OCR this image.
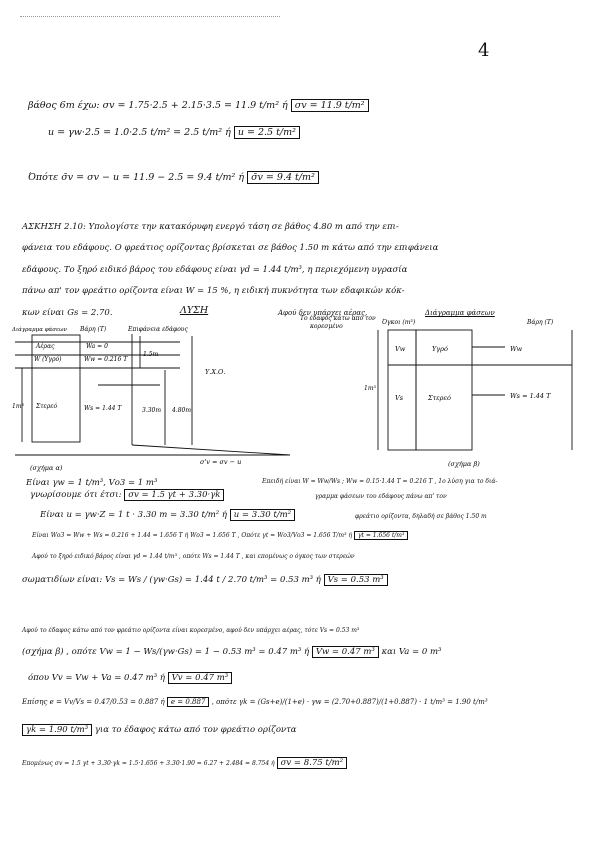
4
βάθος 6m έχω: σv = 1.75·2.5 + 2.15·3.5 = 11.9 t/m² ή σv = 11.9 t/m²
u = γw·2.5 = 1.0·2.5 t/m² = 2.5 t/m² ή u = 2.5 t/m²
Όπότε σ̄v = σv − u = 11.9 − 2.5 = 9.4 t/m² ή σ̄v = 9.4 t/m²
ΑΣΚΗΣΗ 2.10: Υπολογίστε την κατακόρυφη ενεργό τάση σε βάθος 4.80 m από την επι-
φάνεια του εδάφους. Ο φρεάτιος ορίζοντας βρίσκεται σε βάθος 1.50 m κάτω από την επιφάνεια
εδάφους. Το ξηρό ειδικό βάρος του εδάφους είναι γd = 1.44 t/m³, η περιεχόμενη υγρασία
πάνω απ' τον φρεάτιο ορίζοντα είναι W = 15 %, η ειδική πυκνότητα των εδαφικών κόκ-
κων είναι Gs = 2.70.	ΛΥΣΗ	Αφού δεν υπάρχει αέρας,	Διάγραμμα φάσεων
Διάγραμμα φάσεων Βάρη (T)	Επιφάνεια εδάφους
Αέρας
W (Υγρό)
Στερεό
Wa = 0
Ww = 0.216 T
Ws = 1.44 T
1m³
1.5m
3.30m 4.80m
Υ.Χ.Ο.
σ'v = σv − u
(σχήμα α)
Το έδαφος κάτω από τον
κορεσμένο
Όγκοι (m³)	Βάρη (T)
Vw
Vs
Υγρό
Στερεό
Ww
Ws = 1.44 T
1m³
(σχήμα β)
Είναι γw = 1 t/m³, Vο3 = 1 m³	Επειδή είναι W = Ww/Ws ; Ww = 0.15·1.44 T = 0.216 T , 1ο λύση για το διά-
γνωρίσουμε ότι έτσι: σv = 1.5 γt + 3.30·γk	γραμμα φάσεων του εδάφους πάνω απ' τον
Είναι u = γw·Z = 1 t · 3.30 m = 3.30 t/m² ή u = 3.30 t/m²	φρεάτιο ορίζοντα, δηλαδή σε βάθος 1.50 m
Είναι Wο3 = Ww + Ws = 0.216 + 1.44 = 1.656 T ή Wο3 = 1.656 T , Οπότε γt = Wο3/Vο3 = 1.656 T/m³ ή γt = 1.656 t/m³
Αφού το ξηρό ειδικό βάρος είναι γd = 1.44 t/m³ , οπότε Ws = 1.44 T , και επομένως ο όγκος των στερεών
σωματιδίων είναι: Vs = Ws / (γw·Gs) = 1.44 t / 2.70 t/m³ = 0.53 m³ ή Vs = 0.53 m³
Αφού το έδαφος κάτω από τον φρεάτιο ορίζοντα είναι κορεσμένο, αφού δεν υπάρχει αέρας, τότε Vs = 0.53 m³
(σχήμα β) , οπότε Vw = 1 − Ws/(γw·Gs) = 1 − 0.53 m³ = 0.47 m³ ή Vw = 0.47 m³ και Va = 0 m³
όπου Vv = Vw + Va = 0.47 m³ ή Vv = 0.47 m³
Επίσης e = Vv/Vs = 0.47/0.53 = 0.887 ή e = 0.887 , οπότε γk = (Gs+e)/(1+e) · γw = (2.70+0.887)/(1+0.887) · 1 t/m³ = 1.90 t/m³
γk = 1.90 t/m³ για το έδαφος κάτω από τον φρεάτιο ορίζοντα
Επομένως σv = 1.5 γt + 3.30·γk = 1.5·1.656 + 3.30·1.90 = 6.27 + 2.484 = 8.754 ή σv = 8.75 t/m²
